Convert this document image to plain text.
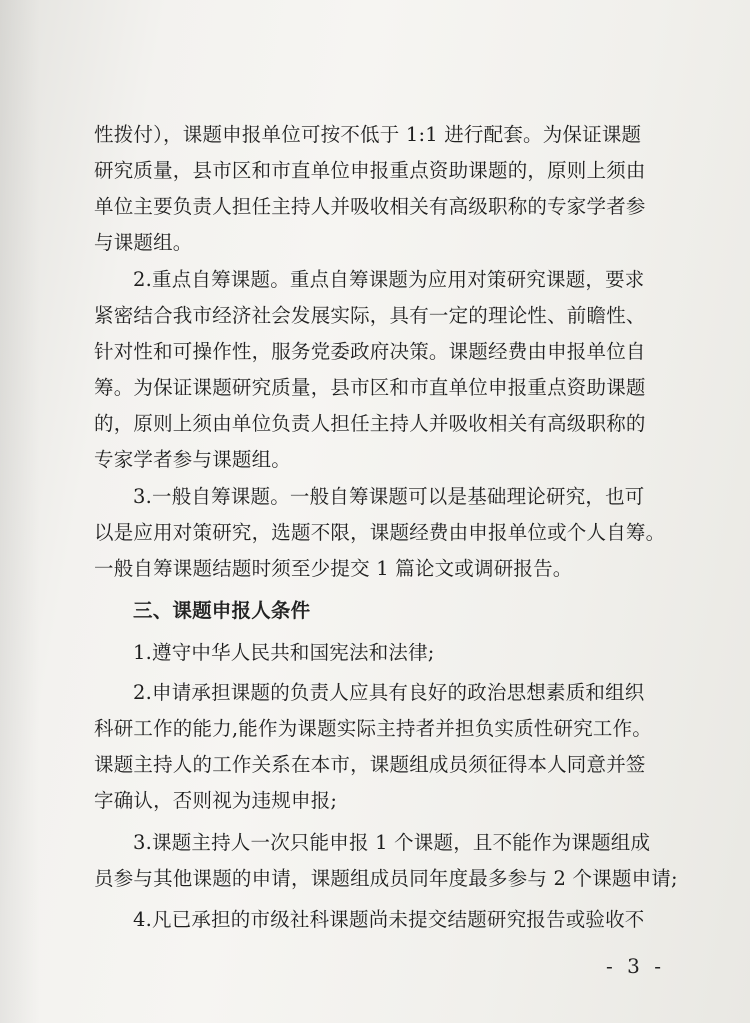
性拨付），课题申报单位可按不低于 1:1 进行配套。为保证课题
研究质量，县市区和市直单位申报重点资助课题的，原则上须由
单位主要负责人担任主持人并吸收相关有高级职称的专家学者参
与课题组。
2.重点自筹课题。重点自筹课题为应用对策研究课题，要求
紧密结合我市经济社会发展实际，具有一定的理论性、前瞻性、
针对性和可操作性，服务党委政府决策。课题经费由申报单位自
筹。为保证课题研究质量，县市区和市直单位申报重点资助课题
的，原则上须由单位负责人担任主持人并吸收相关有高级职称的
专家学者参与课题组。
3.一般自筹课题。一般自筹课题可以是基础理论研究，也可
以是应用对策研究，选题不限，课题经费由申报单位或个人自筹。
一般自筹课题结题时须至少提交 1 篇论文或调研报告。
三、课题申报人条件
1.遵守中华人民共和国宪法和法律;
2.申请承担课题的负责人应具有良好的政治思想素质和组织
科研工作的能力,能作为课题实际主持者并担负实质性研究工作。
课题主持人的工作关系在本市，课题组成员须征得本人同意并签
字确认，否则视为违规申报;
3.课题主持人一次只能申报 1 个课题，且不能作为课题组成
员参与其他课题的申请，课题组成员同年度最多参与 2 个课题申请;
4.凡已承担的市级社科课题尚未提交结题研究报告或验收不
- 3 -
